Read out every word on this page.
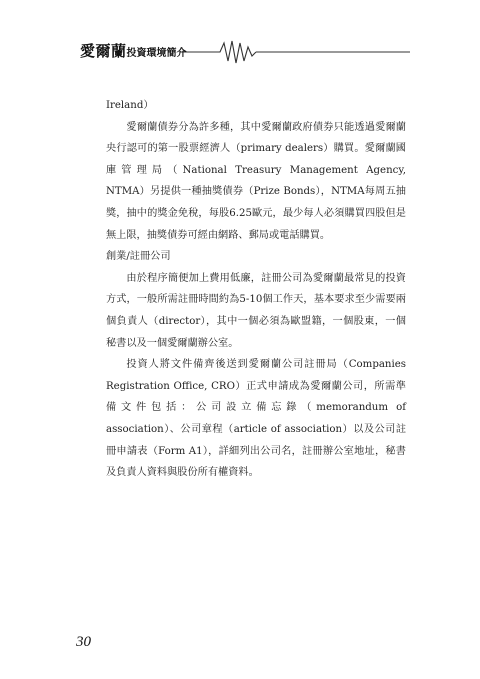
愛爾蘭投資環境簡介

Ireland）

愛爾蘭債券分為許多種，其中愛爾蘭政府債券只能透過愛爾蘭央行認可的第一股票經濟人（primary dealers）購買。愛爾蘭國庫管理局（National Treasury Management Agency, NTMA）另提供一種抽獎債券（Prize Bonds），NTMA每周五抽獎，抽中的獎金免稅，每股6.25歐元，最少每人必須購買四股但是無上限，抽獎債券可經由網路、郵局或電話購買。

創業/註冊公司

由於程序簡便加上費用低廉，註冊公司為愛爾蘭最常見的投資方式，一般所需註冊時間約為5-10個工作天，基本要求至少需要兩個負責人（director），其中一個必須為歐盟籍，一個股東，一個秘書以及一個愛爾蘭辦公室。

投資人將文件備齊後送到愛爾蘭公司註冊局（Companies Registration Office, CRO）正式申請成為愛爾蘭公司，所需準備文件包括：公司設立備忘錄（memorandum of association）、公司章程（article of association）以及公司註冊申請表（Form A1），詳細列出公司名，註冊辦公室地址，秘書及負責人資料與股份所有權資料。

30
